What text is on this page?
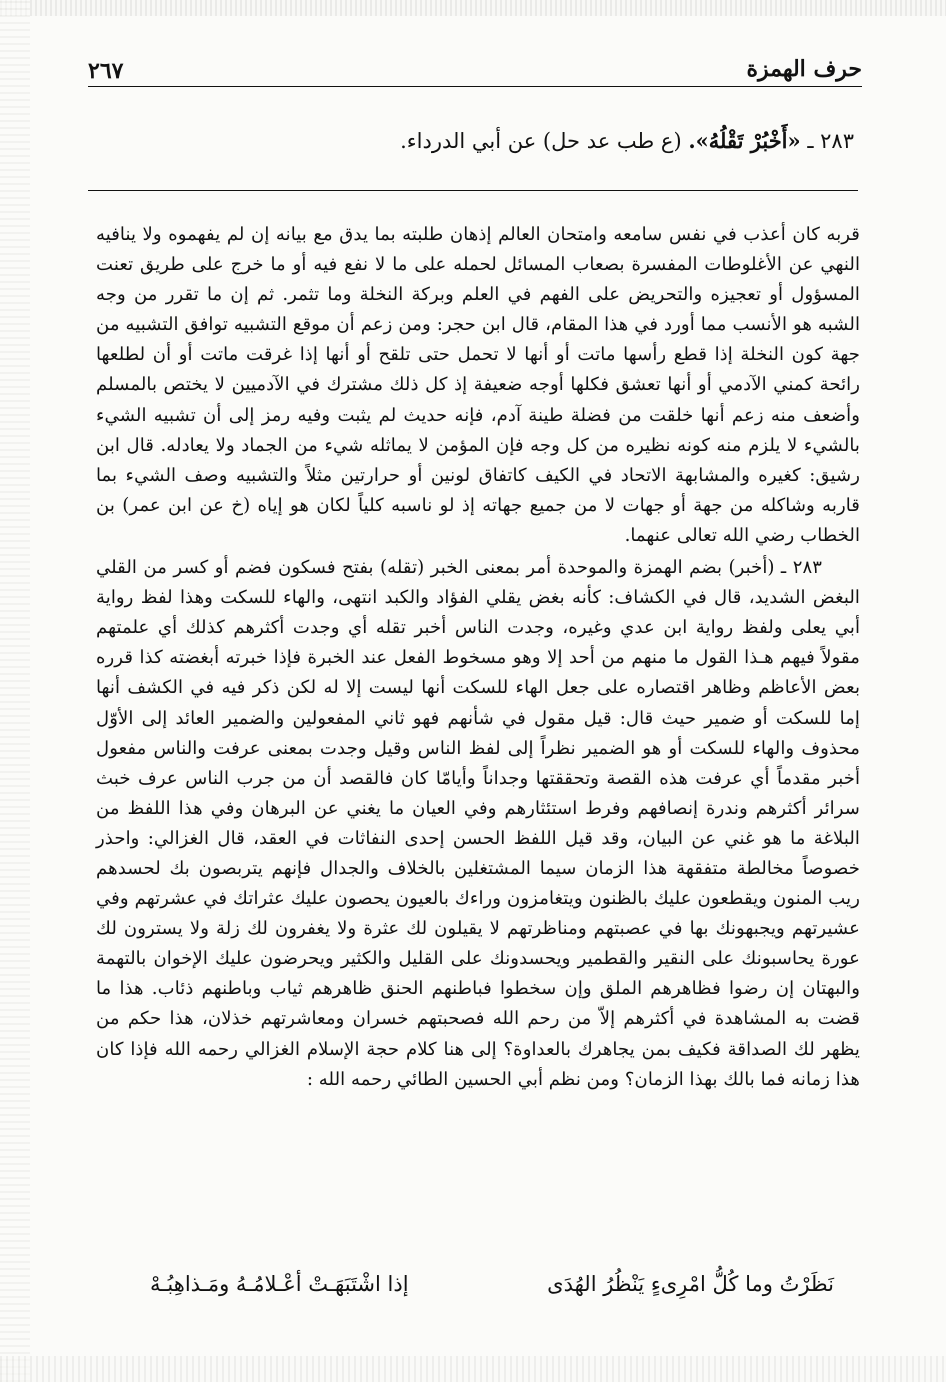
حرف الهمزة
٢٦٧
٢٨٣ ـ «أَخْبُرْ تَقْلُهُ». (ع طب عد حل) عن أبي الدرداء.

قربه كان أعذب في نفس سامعه وامتحان العالم إذهان طلبته بما يدق مع بيانه إن لم يفهموه ولا ينافيه النهي عن الأغلوطات المفسرة بصعاب المسائل لحمله على ما لا نفع فيه أو ما خرج على طريق تعنت المسؤول أو تعجيزه والتحريض على الفهم في العلم وبركة النخلة وما تثمر. ثم إن ما تقرر من وجه الشبه هو الأنسب مما أورد في هذا المقام، قال ابن حجر: ومن زعم أن موقع التشبيه توافق التشبيه من جهة كون النخلة إذا قطع رأسها ماتت أو أنها لا تحمل حتى تلقح أو أنها إذا غرقت ماتت أو أن لطلعها رائحة كمني الآدمي أو أنها تعشق فكلها أوجه ضعيفة إذ كل ذلك مشترك في الآدميين لا يختص بالمسلم وأضعف منه زعم أنها خلقت من فضلة طينة آدم، فإنه حديث لم يثبت وفيه رمز إلى أن تشبيه الشيء بالشيء لا يلزم منه كونه نظيره من كل وجه فإن المؤمن لا يماثله شيء من الجماد ولا يعادله. قال ابن رشيق: كغيره والمشابهة الاتحاد في الكيف كاتفاق لونين أو حرارتين مثلاً والتشبيه وصف الشيء بما قاربه وشاكله من جهة أو جهات لا من جميع جهاته إذ لو ناسبه كلياً لكان هو إياه (خ عن ابن عمر) بن الخطاب رضي الله تعالى عنهما.

٢٨٣ ـ (أخبر) بضم الهمزة والموحدة أمر بمعنى الخبر (تقله) بفتح فسكون فضم أو كسر من القلي البغض الشديد، قال في الكشاف: كأنه بغض يقلي الفؤاد والكبد انتهى، والهاء للسكت وهذا لفظ رواية أبي يعلى ولفظ رواية ابن عدي وغيره، وجدت الناس أخبر تقله أي وجدت أكثرهم كذلك أي علمتهم مقولاً فيهم هـذا القول ما منهم من أحد إلا وهو مسخوط الفعل عند الخبرة فإذا خبرته أبغضته كذا قرره بعض الأعاظم وظاهر اقتصاره على جعل الهاء للسكت أنها ليست إلا له لكن ذكر فيه في الكشف أنها إما للسكت أو ضمير حيث قال: قيل مقول في شأنهم فهو ثاني المفعولين والضمير العائد إلى الأوّل محذوف والهاء للسكت أو هو الضمير نظراً إلى لفظ الناس وقيل وجدت بمعنى عرفت والناس مفعول أخبر مقدماً أي عرفت هذه القصة وتحققتها وجداناً وأيامّا كان فالقصد أن من جرب الناس عرف خبث سرائر أكثرهم وندرة إنصافهم وفرط استئثارهم وفي العيان ما يغني عن البرهان وفي هذا اللفظ من البلاغة ما هو غني عن البيان، وقد قيل اللفظ الحسن إحدى النفاثات في العقد، قال الغزالي: واحذر خصوصاً مخالطة متفقهة هذا الزمان سيما المشتغلين بالخلاف والجدال فإنهم يتربصون بك لحسدهم ريب المنون ويقطعون عليك بالظنون ويتغامزون وراءك بالعيون يحصون عليك عثراتك في عشرتهم وفي عشيرتهم ويجبهونك بها في عصبتهم ومناظرتهم لا يقيلون لك عثرة ولا يغفرون لك زلة ولا يسترون لك عورة يحاسبونك على النقير والقطمير ويحسدونك على القليل والكثير ويحرضون عليك الإخوان بالتهمة والبهتان إن رضوا فظاهرهم الملق وإن سخطوا فباطنهم الحنق ظاهرهم ثياب وباطنهم ذئاب. هذا ما قضت به المشاهدة في أكثرهم إلاّ من رحم الله فصحبتهم خسران ومعاشرتهم خذلان، هذا حكم من يظهر لك الصداقة فكيف بمن يجاهرك بالعداوة؟ إلى هنا كلام حجة الإسلام الغزالي رحمه الله فإذا كان هذا زمانه فما بالك بهذا الزمان؟ ومن نظم أبي الحسين الطائي رحمه الله :

نَظَرْتُ وما كُلُّ امْرِىءٍ يَنْظُرُ الهُدَى
إذا اشْتَبَهَـتْ أعْـلامُـهُ ومَـذاهِبُـهْ
